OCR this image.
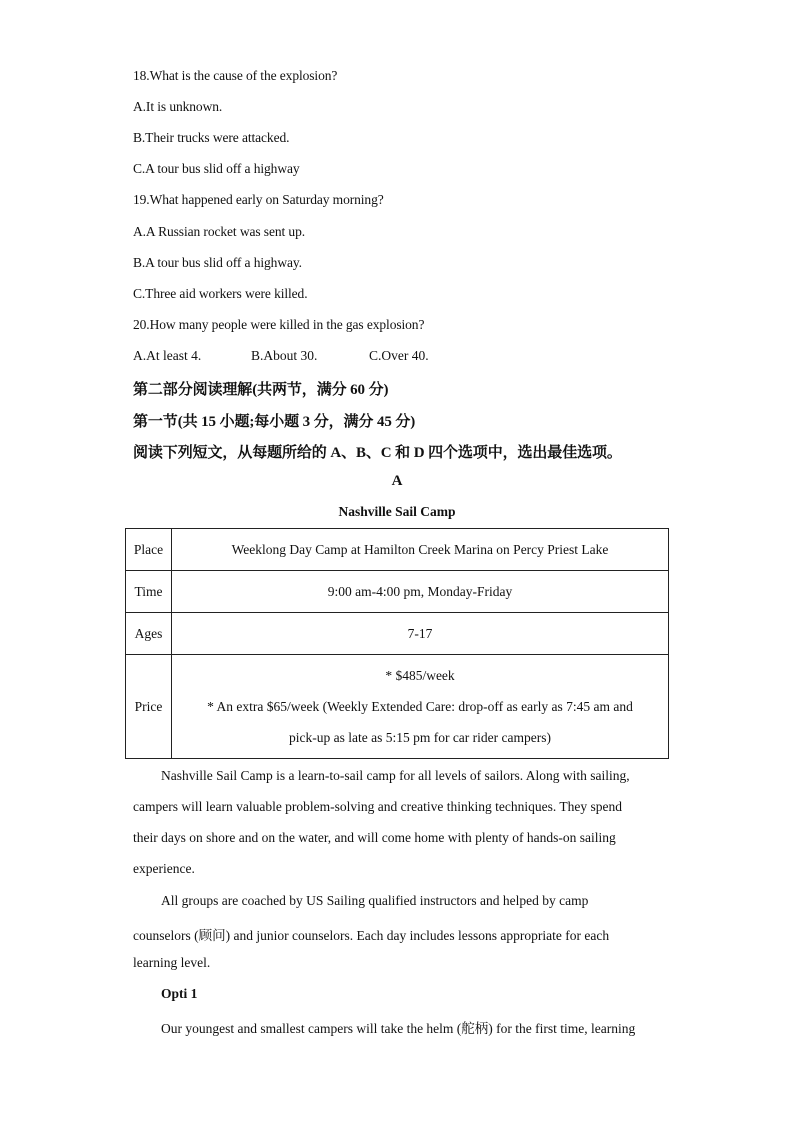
18.What is the cause of the explosion?
A.It is unknown.
B.Their trucks were attacked.
C.A tour bus slid off a highway
19.What happened early on Saturday morning?
A.A Russian rocket was sent up.
B.A tour bus slid off a highway.
C.Three aid workers were killed.
20.How many people were killed in the gas explosion?
A.At least 4.	B.About 30.	C.Over 40.
第二部分阅读理解(共两节，满分 60 分)
第一节(共 15 小题;每小题 3 分，满分 45 分)
阅读下列短文，从每题所给的 A、B、C 和 D 四个选项中，选出最佳选项。
A
Nashville Sail Camp
Place	Weeklong Day Camp at Hamilton Creek Marina on Percy Priest Lake
Time	9:00 am-4:00 pm, Monday-Friday
Ages	7-17
Price	* $485/week
* An extra $65/week (Weekly Extended Care: drop-off as early as 7:45 am and
pick-up as late as 5:15 pm for car rider campers)
Nashville Sail Camp is a learn-to-sail camp for all levels of sailors. Along with sailing,
campers will learn valuable problem-solving and creative thinking techniques. They spend
their days on shore and on the water, and will come home with plenty of hands-on sailing
experience.
All groups are coached by US Sailing qualified instructors and helped by camp
counselors (顾问) and junior counselors. Each day includes lessons appropriate for each
learning level.
Opti 1
Our youngest and smallest campers will take the helm (舵柄) for the first time, learning
